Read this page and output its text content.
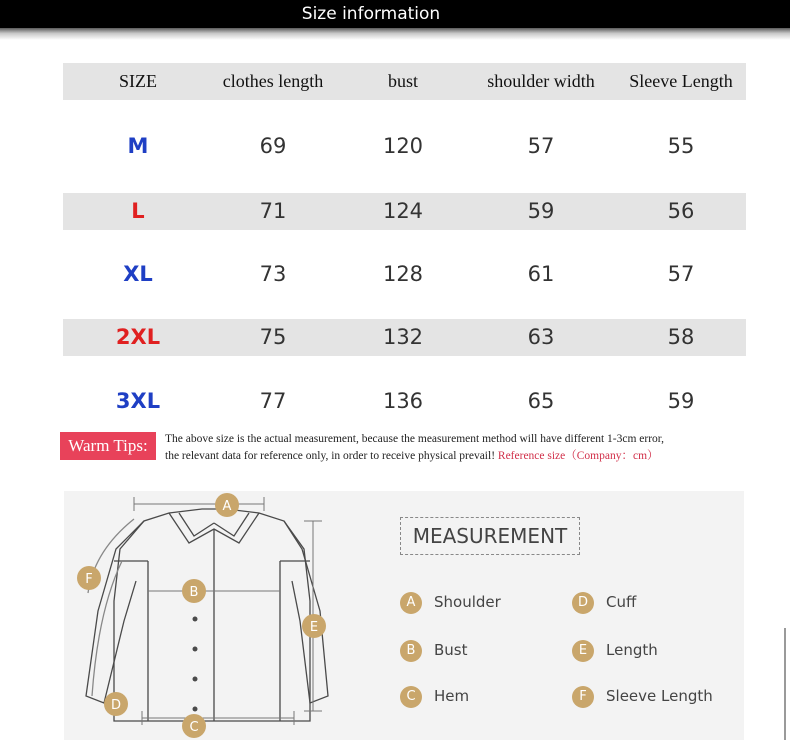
Size information
SIZE	clothes length	bust	shoulder width	Sleeve Length
M	69	120	57	55
L	71	124	59	56
XL	73	128	61	57
2XL	75	132	63	58
3XL	77	136	65	59
Warm Tips:	The above size is the actual measurement, because the measurement method will have different 1-3cm error,
the relevant data for reference only, in order to receive physical prevail! Reference size（Company：cm）
A
B
C
D
E
F
MEASUREMENT
A	Shoulder
B	Bust
C	Hem
D	Cuff
E	Length
F	Sleeve Length
